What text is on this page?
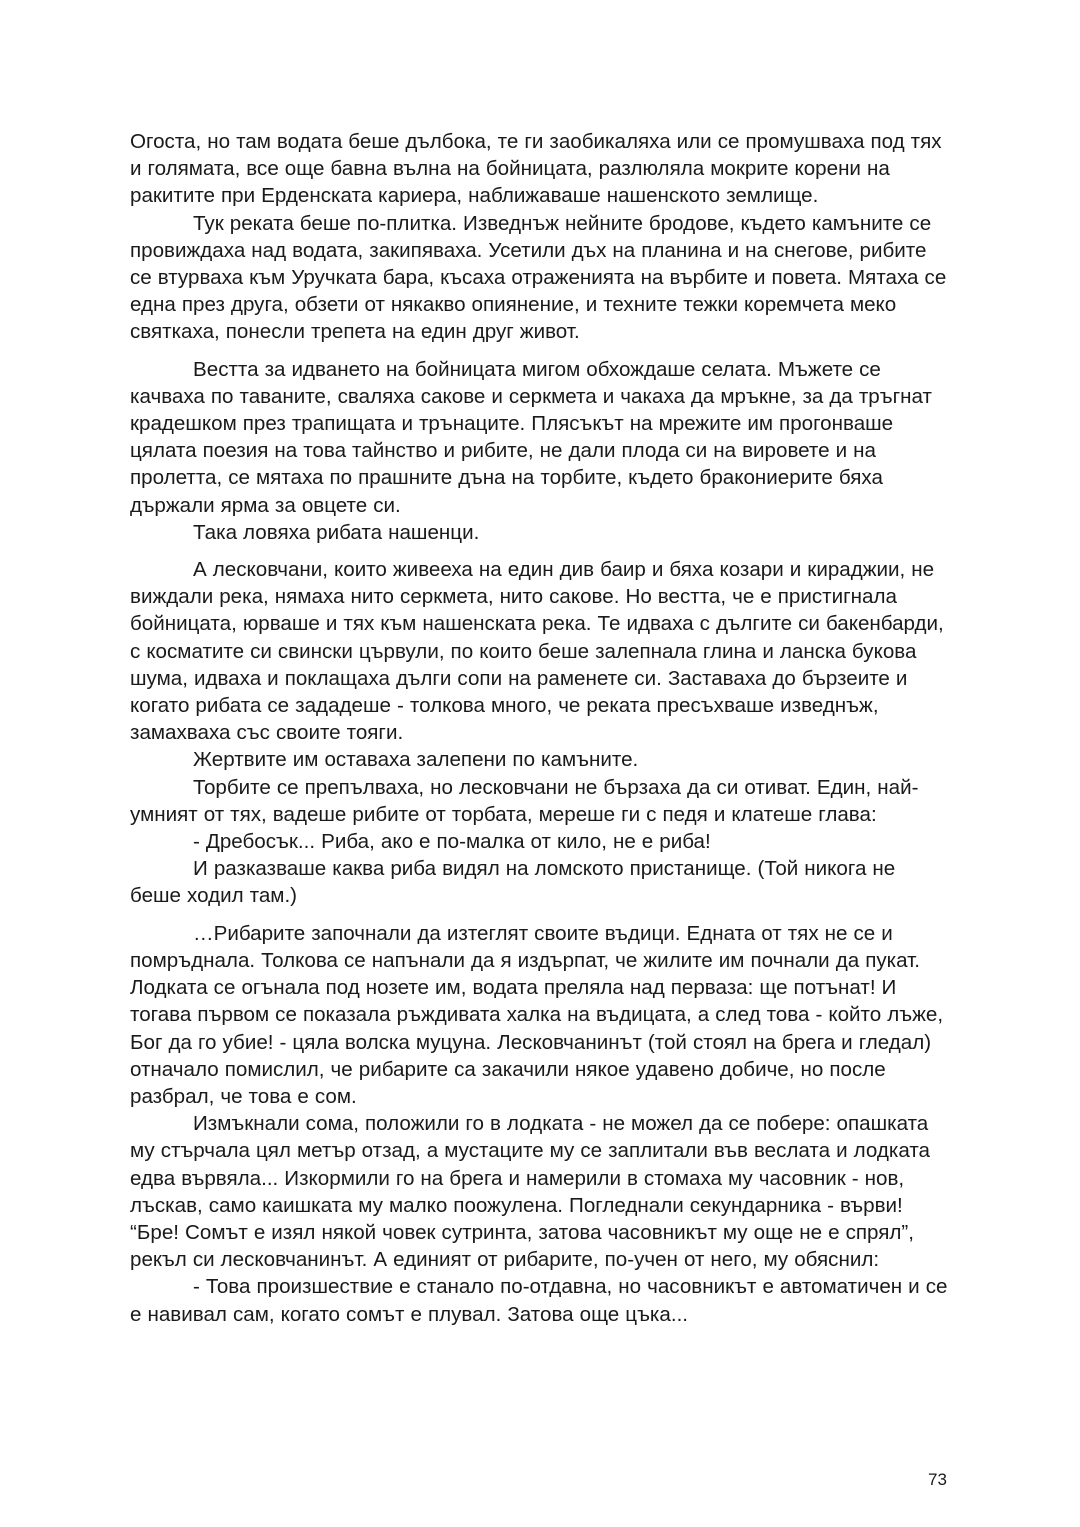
Огоста, но там водата беше дълбока, те ги заобикаляха или се промушваха под тях и голямата, все още бавна вълна на бойницата, разлюляла мокрите корени на ракитите при Ерденската кариера, наближаваше нашенското землище.

Тук реката беше по-плитка. Изведнъж нейните бродове, където камъните се провиждаха над водата, закипяваха. Усетили дъх на планина и на снегове, рибите се втурваха към Уручката бара, късаха отраженията на върбите и повета. Мятаха се една през друга, обзети от някакво опиянение, и техните тежки коремчета меко святкаха, понесли трепета на един друг живот.

Вестта за идването на бойницата мигом обхождаше селата. Мъжете се качваха по таваните, сваляха сакове и серкмета и чакаха да мръкне, за да тръгнат крадешком през трапищата и трънаците. Плясъкът на мрежите им прогонваше цялата поезия на това тайнство и рибите, не дали плода си на вировете и на пролетта, се мятаха по прашните дъна на торбите, където бракониерите бяха държали ярма за овцете си.

Така ловяха рибата нашенци.

А лесковчани, които живееха на един див баир и бяха козари и кираджии, не виждали река, нямаха нито серкмета, нито сакове. Но вестта, че е пристигнала бойницата, юрваше и тях към нашенската река. Те идваха с дългите си бакенбарди, с косматите си свински цървули, по които беше залепнала глина и ланска букова шума, идваха и поклащаха дълги сопи на раменете си. Заставаха до бързеите и когато рибата се зададеше - толкова много, че реката пресъхваше изведнъж, замахваха със своите тояги.

Жертвите им оставаха залепени по камъните.

Торбите се препълваха, но лесковчани не бързаха да си отиват. Един, най-умният от тях, вадеше рибите от торбата, мереше ги с педя и клатеше глава:

- Дребосък... Риба, ако е по-малка от кило, не е риба!

И разказваше каква риба видял на ломското пристанище. (Той никога не беше ходил там.)

…Рибарите започнали да изтеглят своите въдици. Едната от тях не се и помръднала. Толкова се напънали да я издърпат, че жилите им почнали да пукат. Лодката се огънала под нозете им, водата преляла над перваза: ще потънат! И тогава първом се показала ръждивата халка на въдицата, а след това - който лъже, Бог да го убие! - цяла волска муцуна. Лесковчанинът (той стоял на брега и гледал) отначало помислил, че рибарите са закачили някое удавено добиче, но после разбрал, че това е сом.

Измъкнали сома, положили го в лодката - не можел да се побере: опашката му стърчала цял метър отзад, а мустаците му се заплитали във веслата и лодката едва вървяла... Изкормили го на брега и намерили в стомаха му часовник - нов, лъскав, само каишката му малко поожулена. Погледнали секундарника - върви! “Бре! Сомът е изял някой човек сутринта, затова часовникът му още не е спрял”, рекъл си лесковчанинът. А единият от рибарите, по-учен от него, му обяснил:

- Това произшествие е станало по-отдавна, но часовникът е автоматичен и се е навивал сам, когато сомът е плувал. Затова още цъка...

73
